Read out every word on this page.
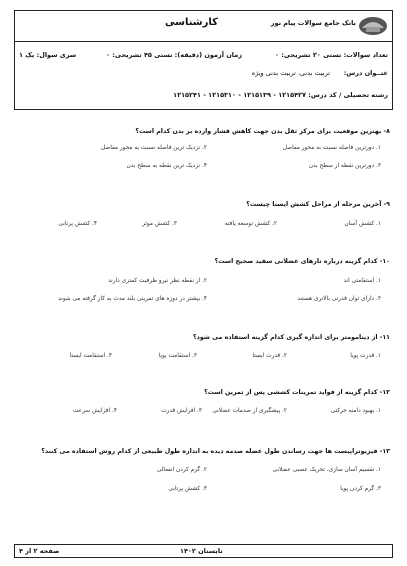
بانک جامع سوالات پیام نور
کارشناسی
تعداد سوالات: تستی ۲۰ تشریحی: ۰
زمان آزمون (دقیقه): تستی ۴۵ تشریحی: ۰
سری سوال: یک ۱
عنــوان درس:
تربیت بدنی، تربیت بدنی ویژه
رشته تحصیلی / کد درس: ۱۲۱۵۴۲۷ - ۱۲۱۵۱۳۹ - ۱۲۱۵۳۱۰ - ۱۲۱۵۲۴۱
۸- بهترین موقعیت برای مرکز ثقل بدن جهت کاهش فشار وارده بر بدن کدام است؟
۱. دورترین فاصله نسبت به محور مفاصل
۲. نزدیک ترین فاصله نسبت به محور مفاصل
۳. دورترین نقطه از سطح بدن
۴. نزدیک ترین نقطه به سطح بدن
۹- آخرین مرحله از مراحل کشش ایستا چیست؟
۱. کشش آسان
۲. کشش توسعه یافته
۳. کشش موثر
۴. کشش پرتابی
۱۰- کدام گزینه درباره تارهای عضلانی سفید صحیح است؟
۱. استقامتی اند
۲. از نقطه نظر نیرو ظرفیت کمتری دارند
۳. دارای توان قدرتی بالاتری هستند
۴. بیشتر در دوره های تمرینی بلند مدت به کار گرفته می شوند
۱۱- از دینامومتر برای اندازه گیری کدام گزینه استفاده می شود؟
۱. قدرت پویا
۲. قدرت ایستا
۳. استقامت پویا
۴. استقامت ایستا
۱۲- کدام گزینه از فواید تمرینات کششی پس از تمرین است؟
۱. بهبود دامنه حرکتی
۲. پیشگیری از صدمات عضلانی
۳. افزایش قدرت
۴. افزایش سرعت
۱۳- فیزیوتراپیست ها جهت رساندن طول عضله صدمه دیده به اندازه طول طبیعی از کدام روش استفاده می کنند؟
۱. تقسیم آسان سازی، تحریک عصبی عضلانی
۲. گرم کردن انفعالی
۳. گرم کردن پویا
۴. کشش پرتابی
صفحه ۲ از ۴	تابستان ۱۴۰۲
